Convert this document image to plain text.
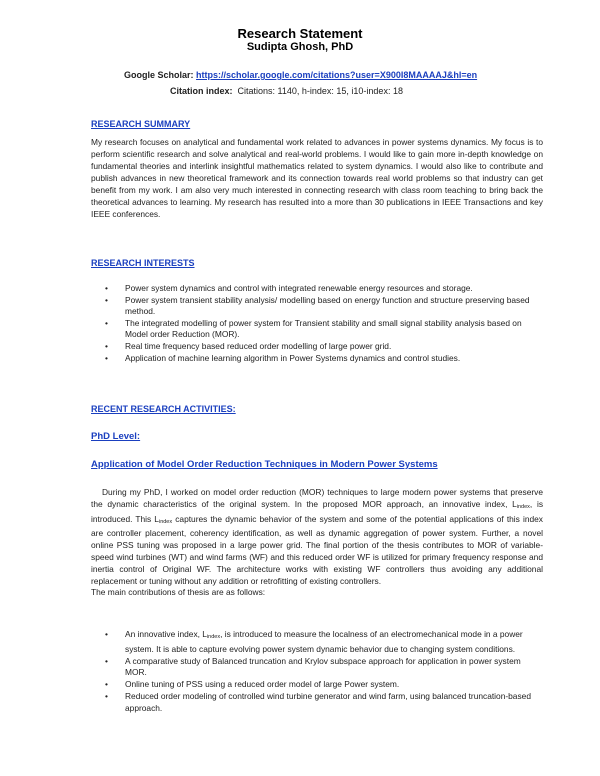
Research Statement
Sudipta Ghosh, PhD
Google Scholar: https://scholar.google.com/citations?user=X900I8MAAAAJ&hl=en
Citation index: Citations: 1140, h-index: 15, i10-index: 18
RESEARCH SUMMARY

My research focuses on analytical and fundamental work related to advances in power systems dynamics. My focus is to perform scientific research and solve analytical and real-world problems. I would like to gain more in-depth knowledge on fundamental theories and interlink insightful mathematics related to system dynamics. I would also like to contribute and publish advances in new theoretical framework and its connection towards real world problems so that industry can get benefit from my work. I am also very much interested in connecting research with class room teaching to bring back the theoretical advances to learning. My research has resulted into a more than 30 publications in IEEE Transactions and key IEEE conferences.

RESEARCH INTERESTS
• Power system dynamics and control with integrated renewable energy resources and storage.
• Power system transient stability analysis/ modelling based on energy function and structure preserving based method.
• The integrated modelling of power system for Transient stability and small signal stability analysis based on Model order Reduction (MOR).
• Real time frequency based reduced order modelling of large power grid.
• Application of machine learning algorithm in Power Systems dynamics and control studies.
RECENT RESEARCH ACTIVITIES:
PhD Level:
Application of Model Order Reduction Techniques in Modern Power Systems

During my PhD, I worked on model order reduction (MOR) techniques to large modern power systems that preserve the dynamic characteristics of the original system. In the proposed MOR approach, an innovative index, Lindex, is introduced. This Lindex captures the dynamic behavior of the system and some of the potential applications of this index are controller placement, coherency identification, as well as dynamic aggregation of power system. Further, a novel online PSS tuning was proposed in a large power grid. The final portion of the thesis contributes to MOR of variable-speed wind turbines (WT) and wind farms (WF) and this reduced order WF is utilized for primary frequency response and inertia control of Original WF. The architecture works with existing WF controllers thus avoiding any additional replacement or tuning without any addition or retrofitting of existing controllers.

The main contributions of thesis are as follows:

• An innovative index, Lindex, is introduced to measure the localness of an electromechanical mode in a power system. It is able to capture evolving power system dynamic behavior due to changing system conditions.
• A comparative study of Balanced truncation and Krylov subspace approach for application in power system MOR.
• Online tuning of PSS using a reduced order model of large Power system.
• Reduced order modeling of controlled wind turbine generator and wind farm, using balanced truncation-based approach.
